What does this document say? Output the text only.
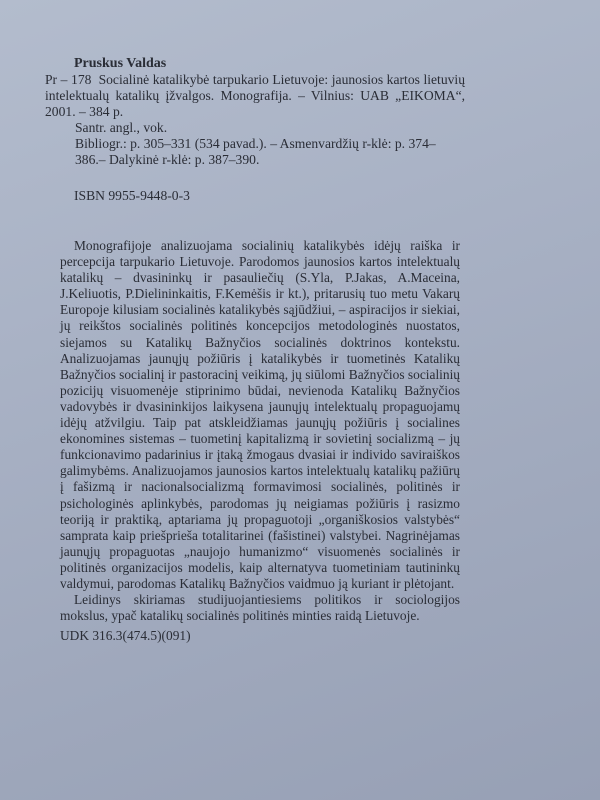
Pruskus Valdas
Pr – 178 Socialinė katalikybė tarpukario Lietuvoje: jaunosios kartos lietuvių intelektualų katalikų įžvalgos. Monografija. – Vilnius: UAB „EIKOMA“, 2001. – 384 p.
Santr. angl., vok.
Bibliogr.: p. 305–331 (534 pavad.). – Asmenvardžių r-klė: p. 374–386.– Dalykinė r-klė: p. 387–390.
ISBN 9955-9448-0-3

Monografijoje analizuojama socialinių katalikybės idėjų raiška ir percepcija tarpukario Lietuvoje. Parodomos jaunosios kartos intelektualų katalikų – dvasininkų ir pasauliečių (S.Yla, P.Jakas, A.Maceina, J.Keliuotis, P.Dielininkaitis, F.Kemėšis ir kt.), pritarusių tuo metu Vakarų Europoje kilusiam socialinės katalikybės sąjūdžiui, – aspiracijos ir siekiai, jų reikštos socialinės politinės koncepcijos metodologinės nuostatos, siejamos su Katalikų Bažnyčios socialinės doktrinos kontekstu. Analizuojamas jaunųjų požiūris į katalikybės ir tuometinės Katalikų Bažnyčios socialinį ir pastoracinį veikimą, jų siūlomi Bažnyčios socialinių pozicijų visuomenėje stiprinimo būdai, nevienoda Katalikų Bažnyčios vadovybės ir dvasininkijos laikysena jaunųjų intelektualų propaguojamų idėjų atžvilgiu. Taip pat atskleidžiamas jaunųjų požiūris į socialines ekonomines sistemas – tuometinį kapitalizmą ir sovietinį socializmą – jų funkcionavimo padarinius ir įtaką žmogaus dvasiai ir individo saviraiškos galimybėms. Analizuojamos jaunosios kartos intelektualų katalikų pažiūrų į fašizmą ir nacionalsocializmą formavimosi socialinės, politinės ir psichologinės aplinkybės, parodomas jų neigiamas požiūris į rasizmo teoriją ir praktiką, aptariama jų propaguotoji „organiškosios valstybės“ samprata kaip priešpriešа totalitarinei (fašistinei) valstybei. Nagrinėjamas jaunųjų propaguotas „naujojo humanizmo“ visuomenės socialinės ir politinės organizacijos modelis, kaip alternatyva tuometiniam tautininkų valdymui, parodomas Katalikų Bažnyčios vaidmuo ją kuriant ir plėtojant.

Leidinys skiriamas studijuojantiesiems politikos ir sociologijos mokslus, ypač katalikų socialinės politinės minties raidą Lietuvoje.

UDK 316.3(474.5)(091)
